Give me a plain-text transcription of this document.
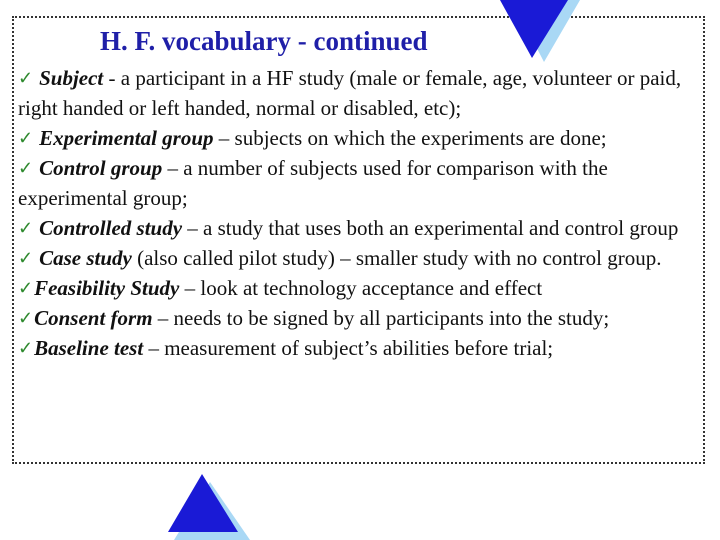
H. F. vocabulary - continued

✓ Subject - a participant in a HF study (male or female, age, volunteer or paid, right handed or left handed, normal or disabled, etc);

✓ Experimental group – subjects on which the experiments are done;

✓ Control group – a number of subjects used for comparison with the experimental group;

✓ Controlled study – a study that uses both an experimental and control group

✓ Case study (also called pilot study) – smaller study with no control group.

✓Feasibility Study – look at technology acceptance and effect

✓Consent form – needs to be signed by all participants into the study;

✓Baseline test – measurement of subject’s abilities before trial;
